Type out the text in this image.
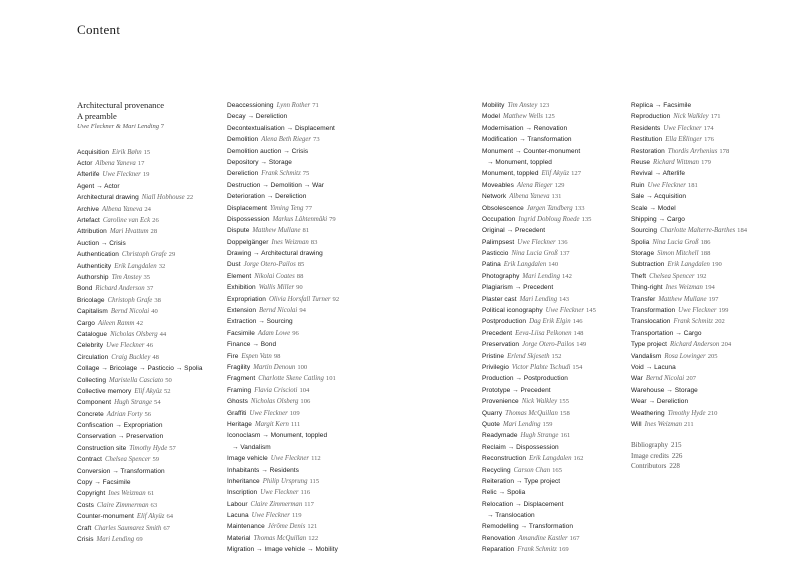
Content
Architectural provenance
A preamble
Uwe Fleckner & Mari Lending 7
Acquisition Eirik Bøhn 15
Actor Albena Yaneva 17
Afterlife Uwe Fleckner 19
Agent → Actor
Architectural drawing Niall Hobhouse 22
Archive Albena Yaneva 24
Artefact Caroline van Eck 26
Attribution Mari Hvattum 28
Auction → Crisis
Authentication Christoph Grafe 29
Authenticity Erik Langdalen 32
Authorship Tim Anstey 35
Bond Richard Anderson 37
Bricolage Christoph Grafe 38
Capitalism Bernd Nicolai 40
Cargo Aileen Ramm 42
Catalogue Nicholas Olsberg 44
Celebrity Uwe Fleckner 46
Circulation Craig Buckley 48
Collage → Bricolage → Pasticcio → Spolia
Collecting Maristella Casciato 50
Collective memory Elif Akyüz 52
Component Hugh Strange 54
Concrete Adrian Forty 56
Confiscation → Expropriation
Conservation → Preservation
Construction site Timothy Hyde 57
Contract Chelsea Spencer 59
Conversion → Transformation
Copy → Facsimile
Copyright Ines Weizman 61
Costs Claire Zimmerman 63
Counter-monument Elif Akyüz 64
Craft Charles Saumarez Smith 67
Crisis Mari Lending 69
Deaccessioning Lynn Rother 71
Decay → Dereliction
Decontextualisation → Displacement
Demolition Alena Beth Rieger 73
Demolition auction → Crisis
Depository → Storage
Dereliction Frank Schmitz 75
Destruction → Demolition → War
Deterioration → Dereliction
Displacement Yiming Teng 77
Dispossession Markus Lähtenmäki 79
Dispute Matthew Mullane 81
Doppelgänger Ines Weizman 83
Drawing → Architectural drawing
Dust Jorge Otero-Pailos 85
Element Nikolai Coates 88
Exhibition Wallis Miller 90
Expropriation Olivia Horsfall Turner 92
Extension Bernd Nicolai 94
Extraction → Sourcing
Facsimile Adam Lowe 96
Finance → Bond
Fire Espen Vatn 98
Fragility Martin Denoun 100
Fragment Charlotte Skene Catling 101
Framing Flavia Criscioti 104
Ghosts Nicholas Olsberg 106
Graffiti Uwe Fleckner 109
Heritage Margit Kern 111
Iconoclasm → Monument, toppled
→ Vandalism
Image vehicle Uwe Fleckner 112
Inhabitants → Residents
Inheritance Philip Ursprung 115
Inscription Uwe Fleckner 116
Labour Claire Zimmerman 117
Lacuna Uwe Fleckner 119
Maintenance Jérôme Denis 121
Material Thomas McQuillan 122
Migration → Image vehicle → Mobility
Mobility Tim Anstey 123
Model Matthew Wells 125
Modernisation → Renovation
Modification → Transformation
Monument → Counter-monument
→ Monument, toppled
Monument, toppled Elif Akyüz 127
Moveables Alena Rieger 129
Network Albena Yaneva 131
Obsolescence Jørgen Tandberg 133
Occupation Ingrid Dobloug Roede 135
Original → Precedent
Palimpsest Uwe Fleckner 136
Pasticcio Nina Lucia Groß 137
Patina Erik Langdalen 140
Photography Mari Lending 142
Plagiarism → Precedent
Plaster cast Mari Lending 143
Political iconography Uwe Fleckner 145
Postproduction Dag Erik Elgin 146
Precedent Eeva-Liisa Pelkonen 148
Preservation Jorge Otero-Pailos 149
Pristine Erlend Skjeseth 152
Privilegio Victor Plahte Tschudi 154
Production → Postproduction
Prototype → Precedent
Provenience Nick Walkley 155
Quarry Thomas McQuillan 158
Quote Mari Lending 159
Readymade Hugh Strange 161
Reclaim → Dispossession
Reconstruction Erik Langdalen 162
Recycling Carson Chan 165
Reiteration → Type project
Relic → Spolia
Relocation → Displacement
→ Translocation
Remodelling → Transformation
Renovation Amandine Kastler 167
Reparation Frank Schmitz 169
Replica → Facsimile
Reproduction Nick Walkley 171
Residents Uwe Fleckner 174
Restitution Ella Eßlinger 176
Restoration Thordis Arrhenius 178
Reuse Richard Wittman 179
Revival → Afterlife
Ruin Uwe Fleckner 181
Sale → Acquisition
Scale → Model
Shipping → Cargo
Sourcing Charlotte Malterre-Barthes 184
Spolia Nina Lucia Groß 186
Storage Simon Mitchell 188
Subtraction Erik Langdalen 190
Theft Chelsea Spencer 192
Thing-right Ines Weizman 194
Transfer Matthew Mullane 197
Transformation Uwe Fleckner 199
Translocation Frank Schmitz 202
Transportation → Cargo
Type project Richard Anderson 204
Vandalism Rosa Lowinger 205
Void → Lacuna
War Bernd Nicolai 207
Warehouse → Storage
Wear → Dereliction
Weathering Timothy Hyde 210
Will Ines Weizman 211
Bibliography 215
Image credits 226
Contributors 228
